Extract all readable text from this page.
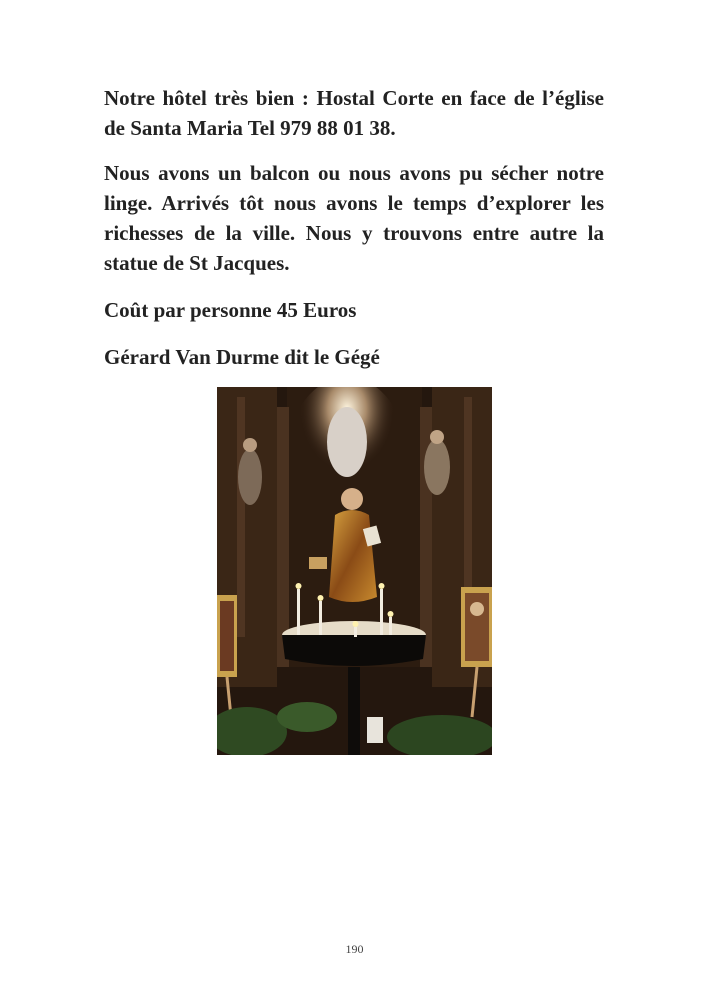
Notre hôtel très bien : Hostal Corte en face de l’église de Santa Maria Tel 979 88 01 38.

Nous avons un balcon ou nous avons pu sécher notre linge. Arrivés tôt nous avons le temps d’explorer les richesses de la ville. Nous y trouvons entre autre la statue de St Jacques.

Coût par personne 45 Euros

Gérard Van Durme dit le Gégé

190
